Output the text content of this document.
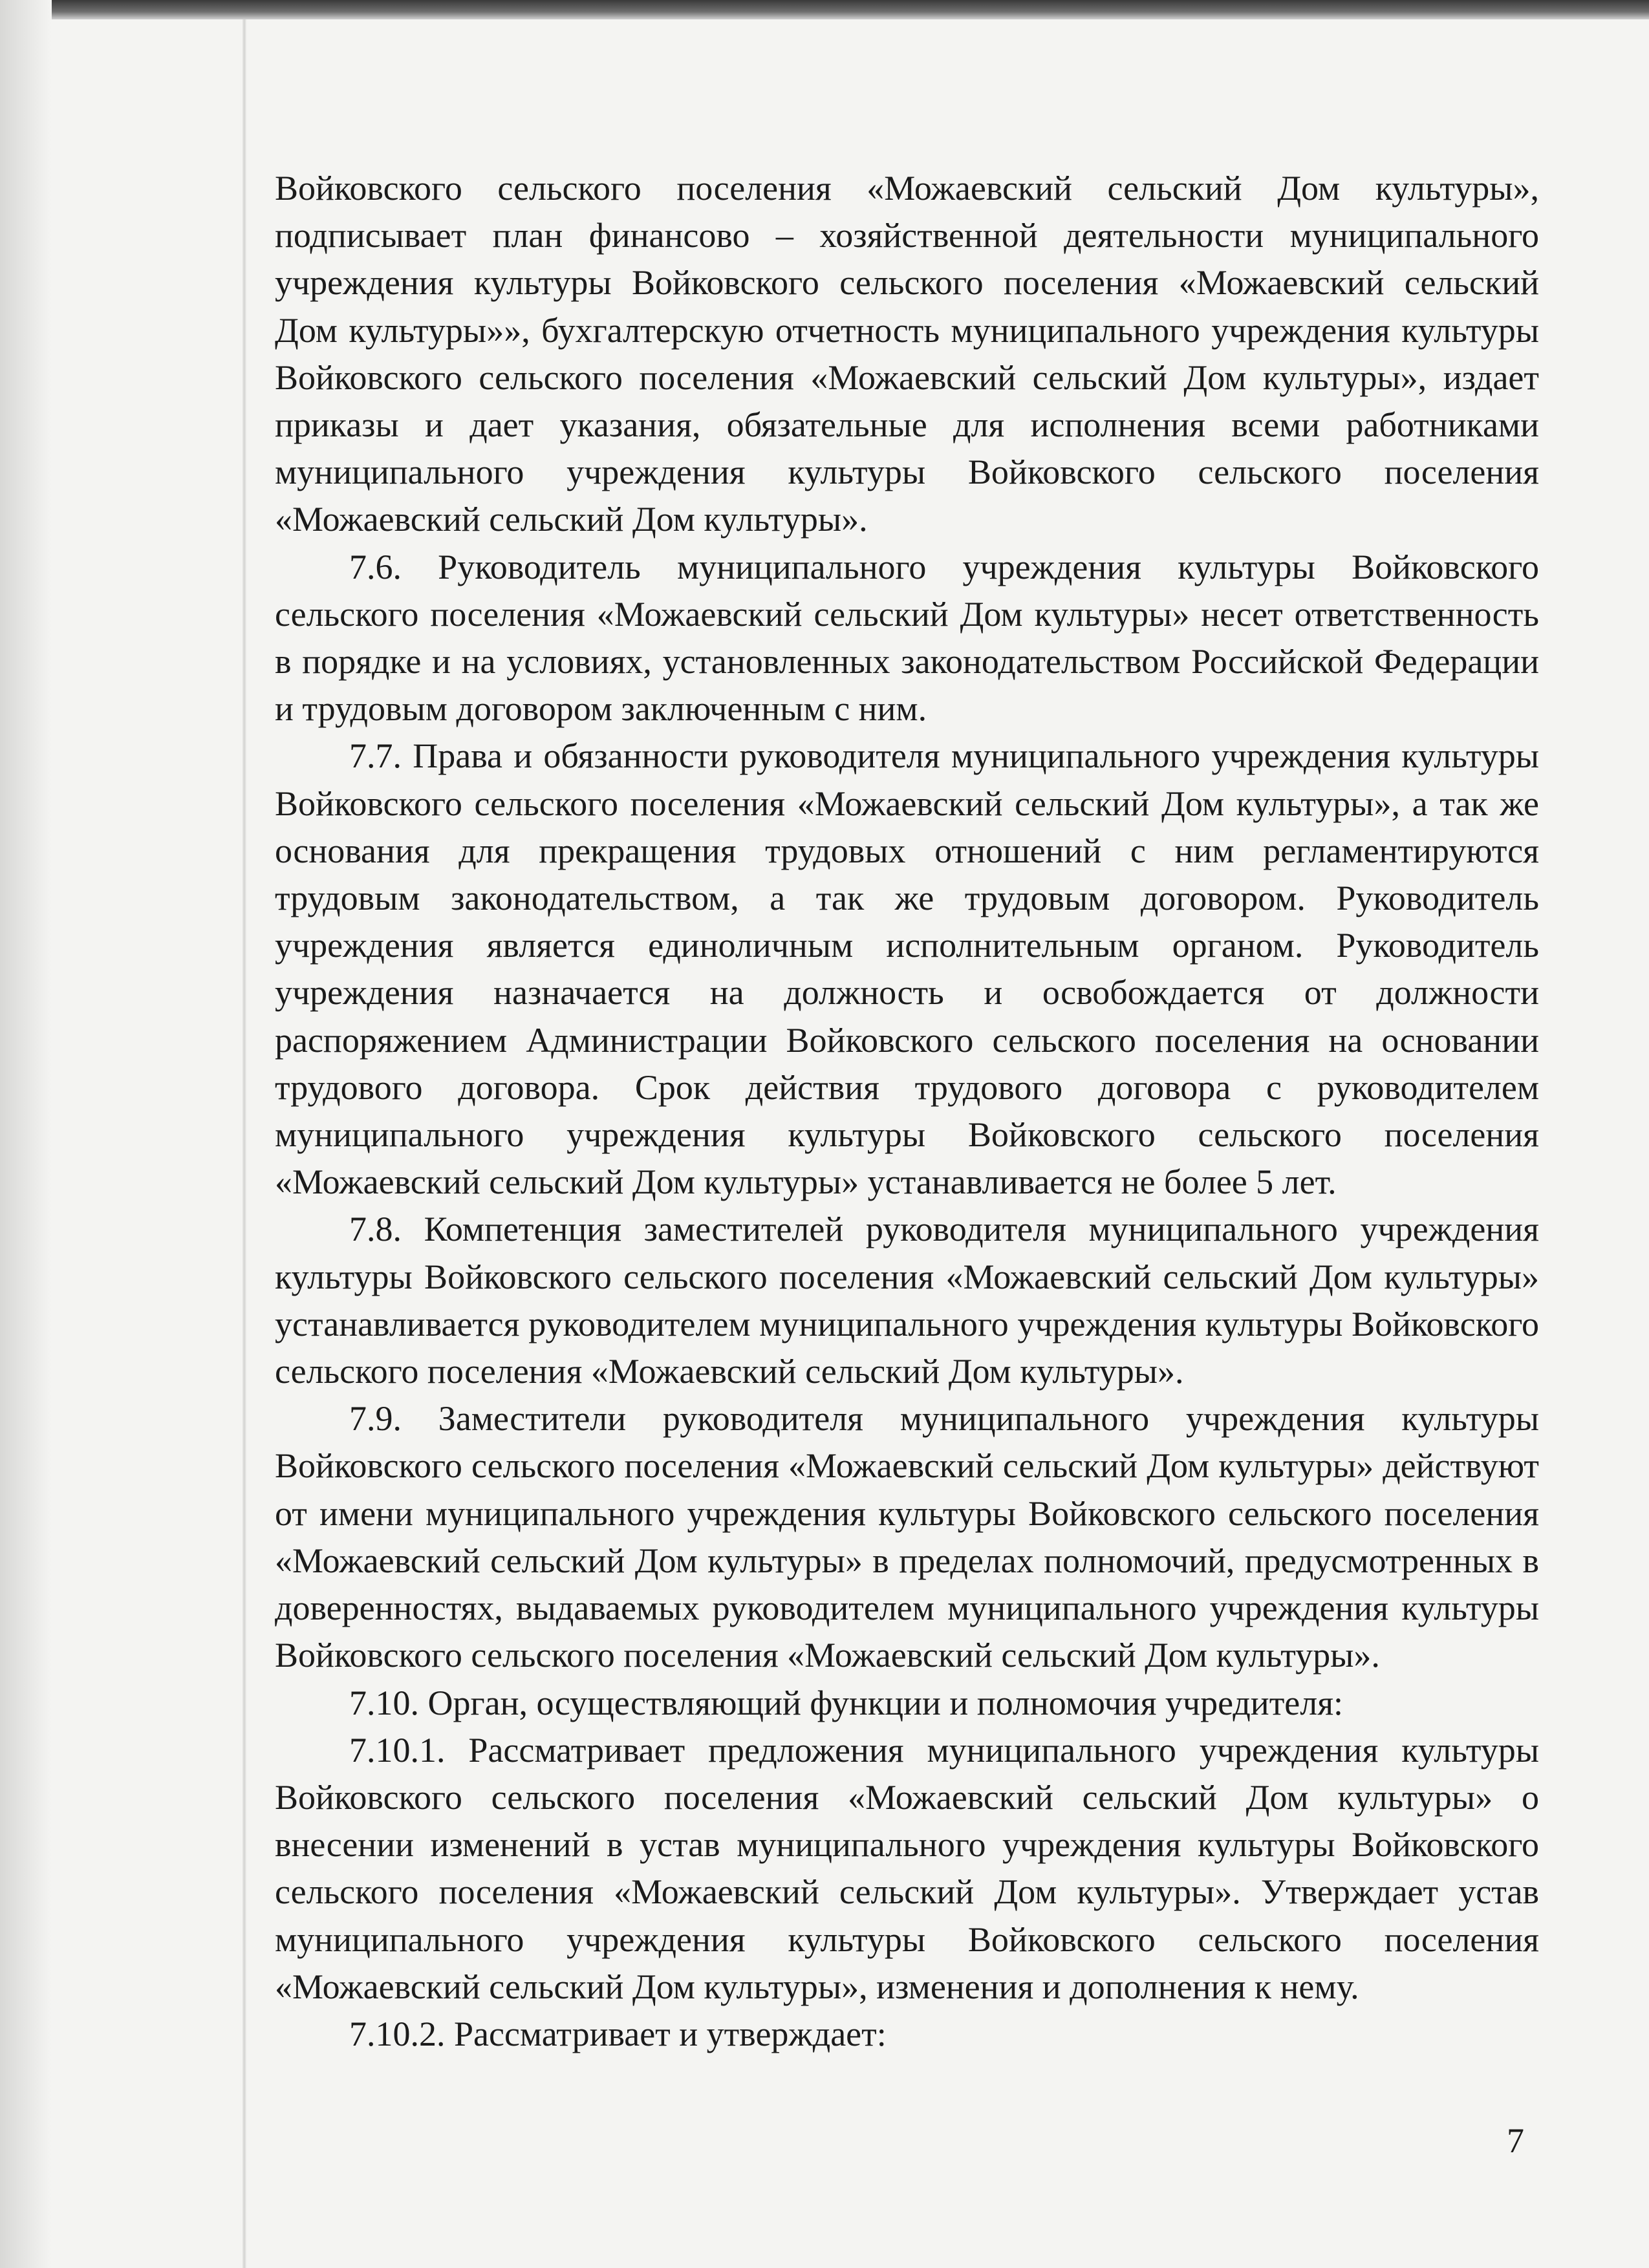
Войковского сельского поселения «Можаевский сельский Дом культуры», подписывает план финансово – хозяйственной деятельности муниципального учреждения культуры Войковского сельского поселения «Можаевский сельский Дом культуры»», бухгалтерскую отчетность муниципального учреждения культуры Войковского сельского поселения «Можаевский сельский Дом культуры», издает приказы и дает указания, обязательные для исполнения всеми работниками муниципального учреждения культуры Войковского сельского поселения «Можаевский сельский Дом культуры».

7.6. Руководитель муниципального учреждения культуры Войковского сельского поселения «Можаевский сельский Дом культуры» несет ответственность в порядке и на условиях, установленных законодательством Российской Федерации и трудовым договором заключенным с ним.

7.7. Права и обязанности руководителя муниципального учреждения культуры Войковского сельского поселения «Можаевский сельский Дом культуры», а так же основания для прекращения трудовых отношений с ним регламентируются трудовым законодательством, а так же трудовым договором. Руководитель учреждения является единоличным исполнительным органом. Руководитель учреждения назначается на должность и освобождается от должности распоряжением Администрации Войковского сельского поселения на основании трудового договора. Срок действия трудового договора с руководителем муниципального учреждения культуры Войковского сельского поселения «Можаевский сельский Дом культуры» устанавливается не более 5 лет.

7.8. Компетенция заместителей руководителя муниципального учреждения культуры Войковского сельского поселения «Можаевский сельский Дом культуры» устанавливается руководителем муниципального учреждения культуры Войковского сельского поселения «Можаевский сельский Дом культуры».

7.9. Заместители руководителя муниципального учреждения культуры Войковского сельского поселения «Можаевский сельский Дом культуры» действуют от имени муниципального учреждения культуры Войковского сельского поселения «Можаевский сельский Дом культуры» в пределах полномочий, предусмотренных в доверенностях, выдаваемых руководителем муниципального учреждения культуры Войковского сельского поселения «Можаевский сельский Дом культуры».

7.10. Орган, осуществляющий функции и полномочия учредителя:

7.10.1. Рассматривает предложения муниципального учреждения культуры Войковского сельского поселения «Можаевский сельский Дом культуры» о внесении изменений в устав муниципального учреждения культуры Войковского сельского поселения «Можаевский сельский Дом культуры». Утверждает устав муниципального учреждения культуры Войковского сельского поселения «Можаевский сельский Дом культуры», изменения и дополнения к нему.

7.10.2. Рассматривает и утверждает:

7
